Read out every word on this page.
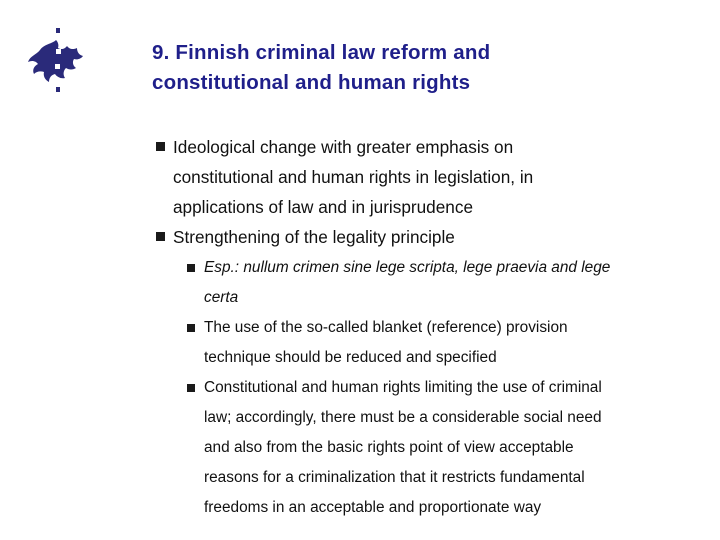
9. Finnish criminal law reform and
constitutional and human rights
Ideological change with greater emphasis on
constitutional and human rights in legislation, in
applications of law and in jurisprudence
Strengthening of the legality principle
Esp.: nullum crimen sine lege scripta, lege praevia and lege
certa
The use of the so-called blanket (reference) provision
technique should be reduced and specified
Constitutional and human rights limiting the use of criminal
law; accordingly, there must be a considerable social need
and also from the basic rights point of view acceptable
reasons for a criminalization that it restricts fundamental
freedoms in an acceptable and proportionate way
